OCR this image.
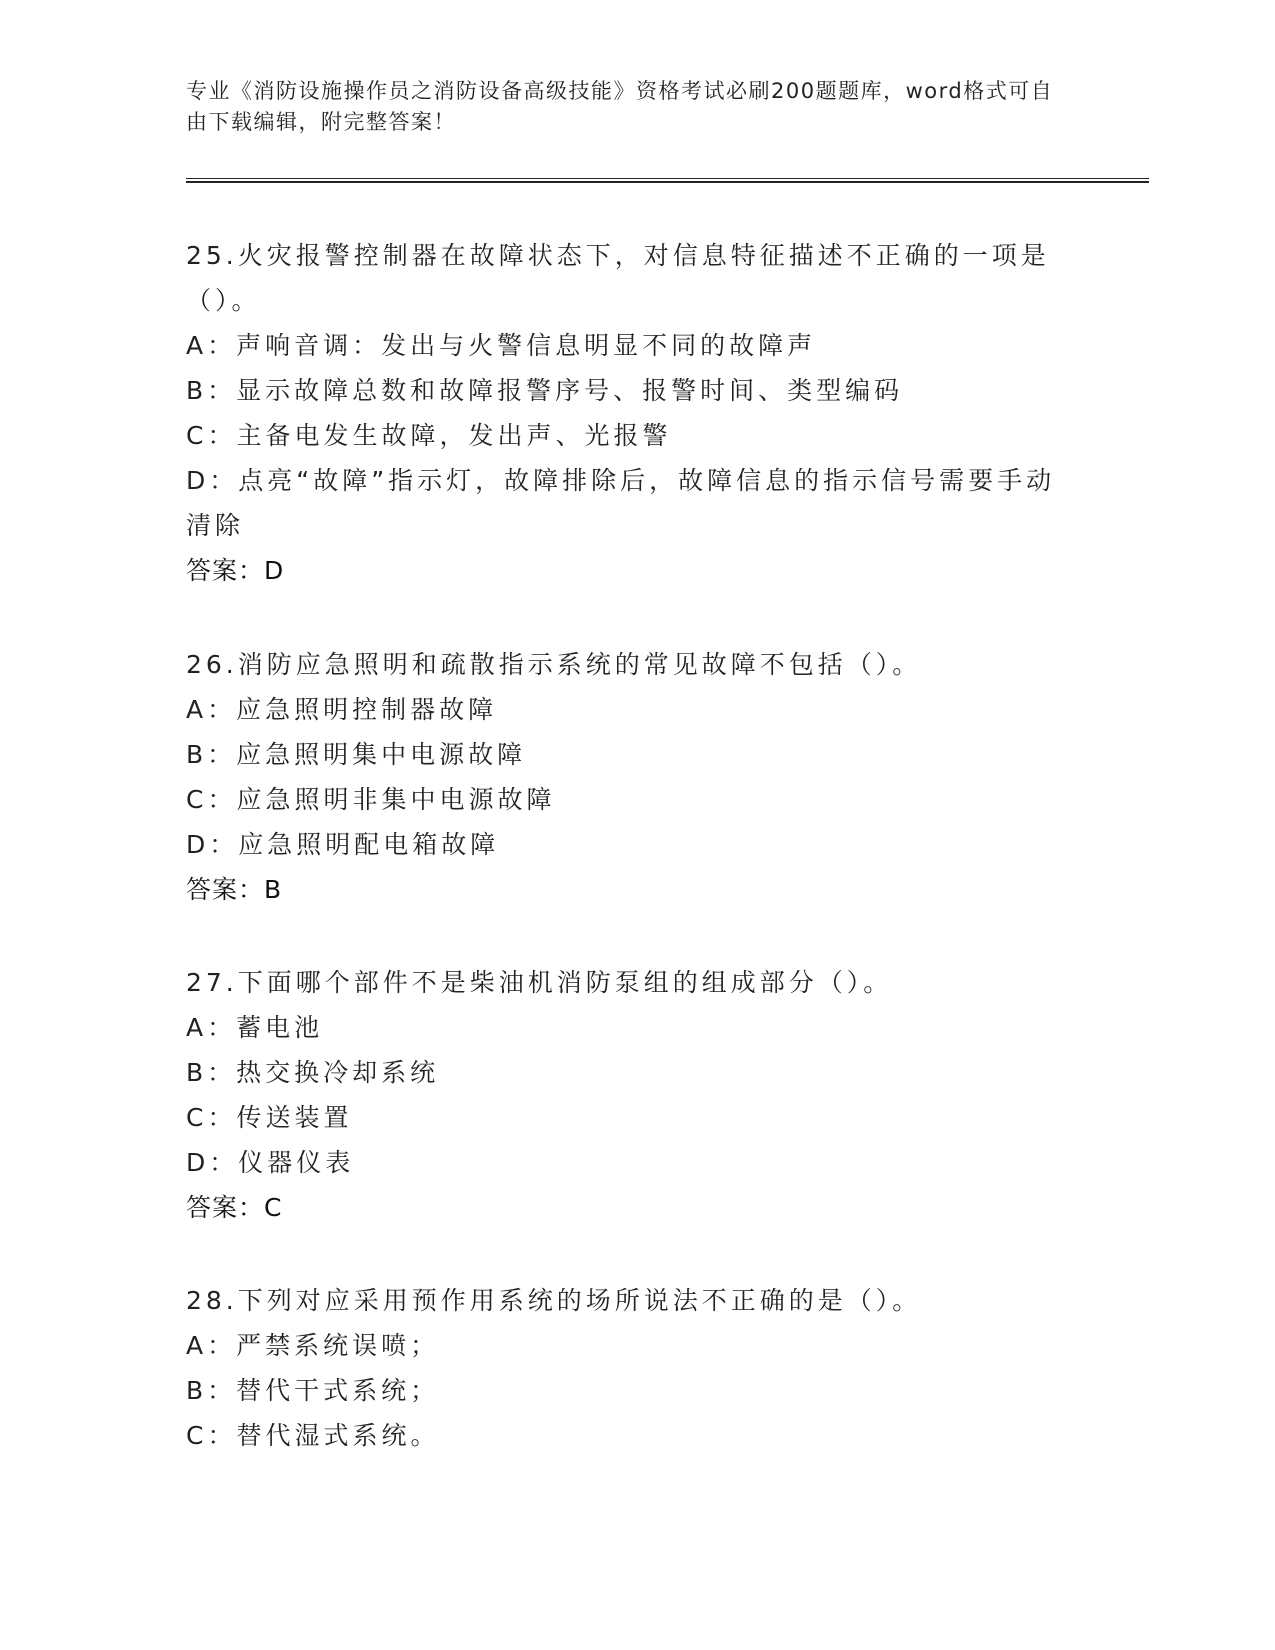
专业《消防设施操作员之消防设备高级技能》资格考试必刷200题题库，word格式可自由下载编辑，附完整答案！

25.火灾报警控制器在故障状态下，对信息特征描述不正确的一项是（）。

A：声响音调：发出与火警信息明显不同的故障声

B：显示故障总数和故障报警序号、报警时间、类型编码

C：主备电发生故障，发出声、光报警

D：点亮“故障”指示灯，故障排除后，故障信息的指示信号需要手动清除

答案：D

26.消防应急照明和疏散指示系统的常见故障不包括（）。

A：应急照明控制器故障

B：应急照明集中电源故障

C：应急照明非集中电源故障

D：应急照明配电箱故障

答案：B

27.下面哪个部件不是柴油机消防泵组的组成部分（）。

A：蓄电池

B：热交换冷却系统

C：传送装置

D：仪器仪表

答案：C

28.下列对应采用预作用系统的场所说法不正确的是（）。

A：严禁系统误喷；

B：替代干式系统；

C：替代湿式系统。
